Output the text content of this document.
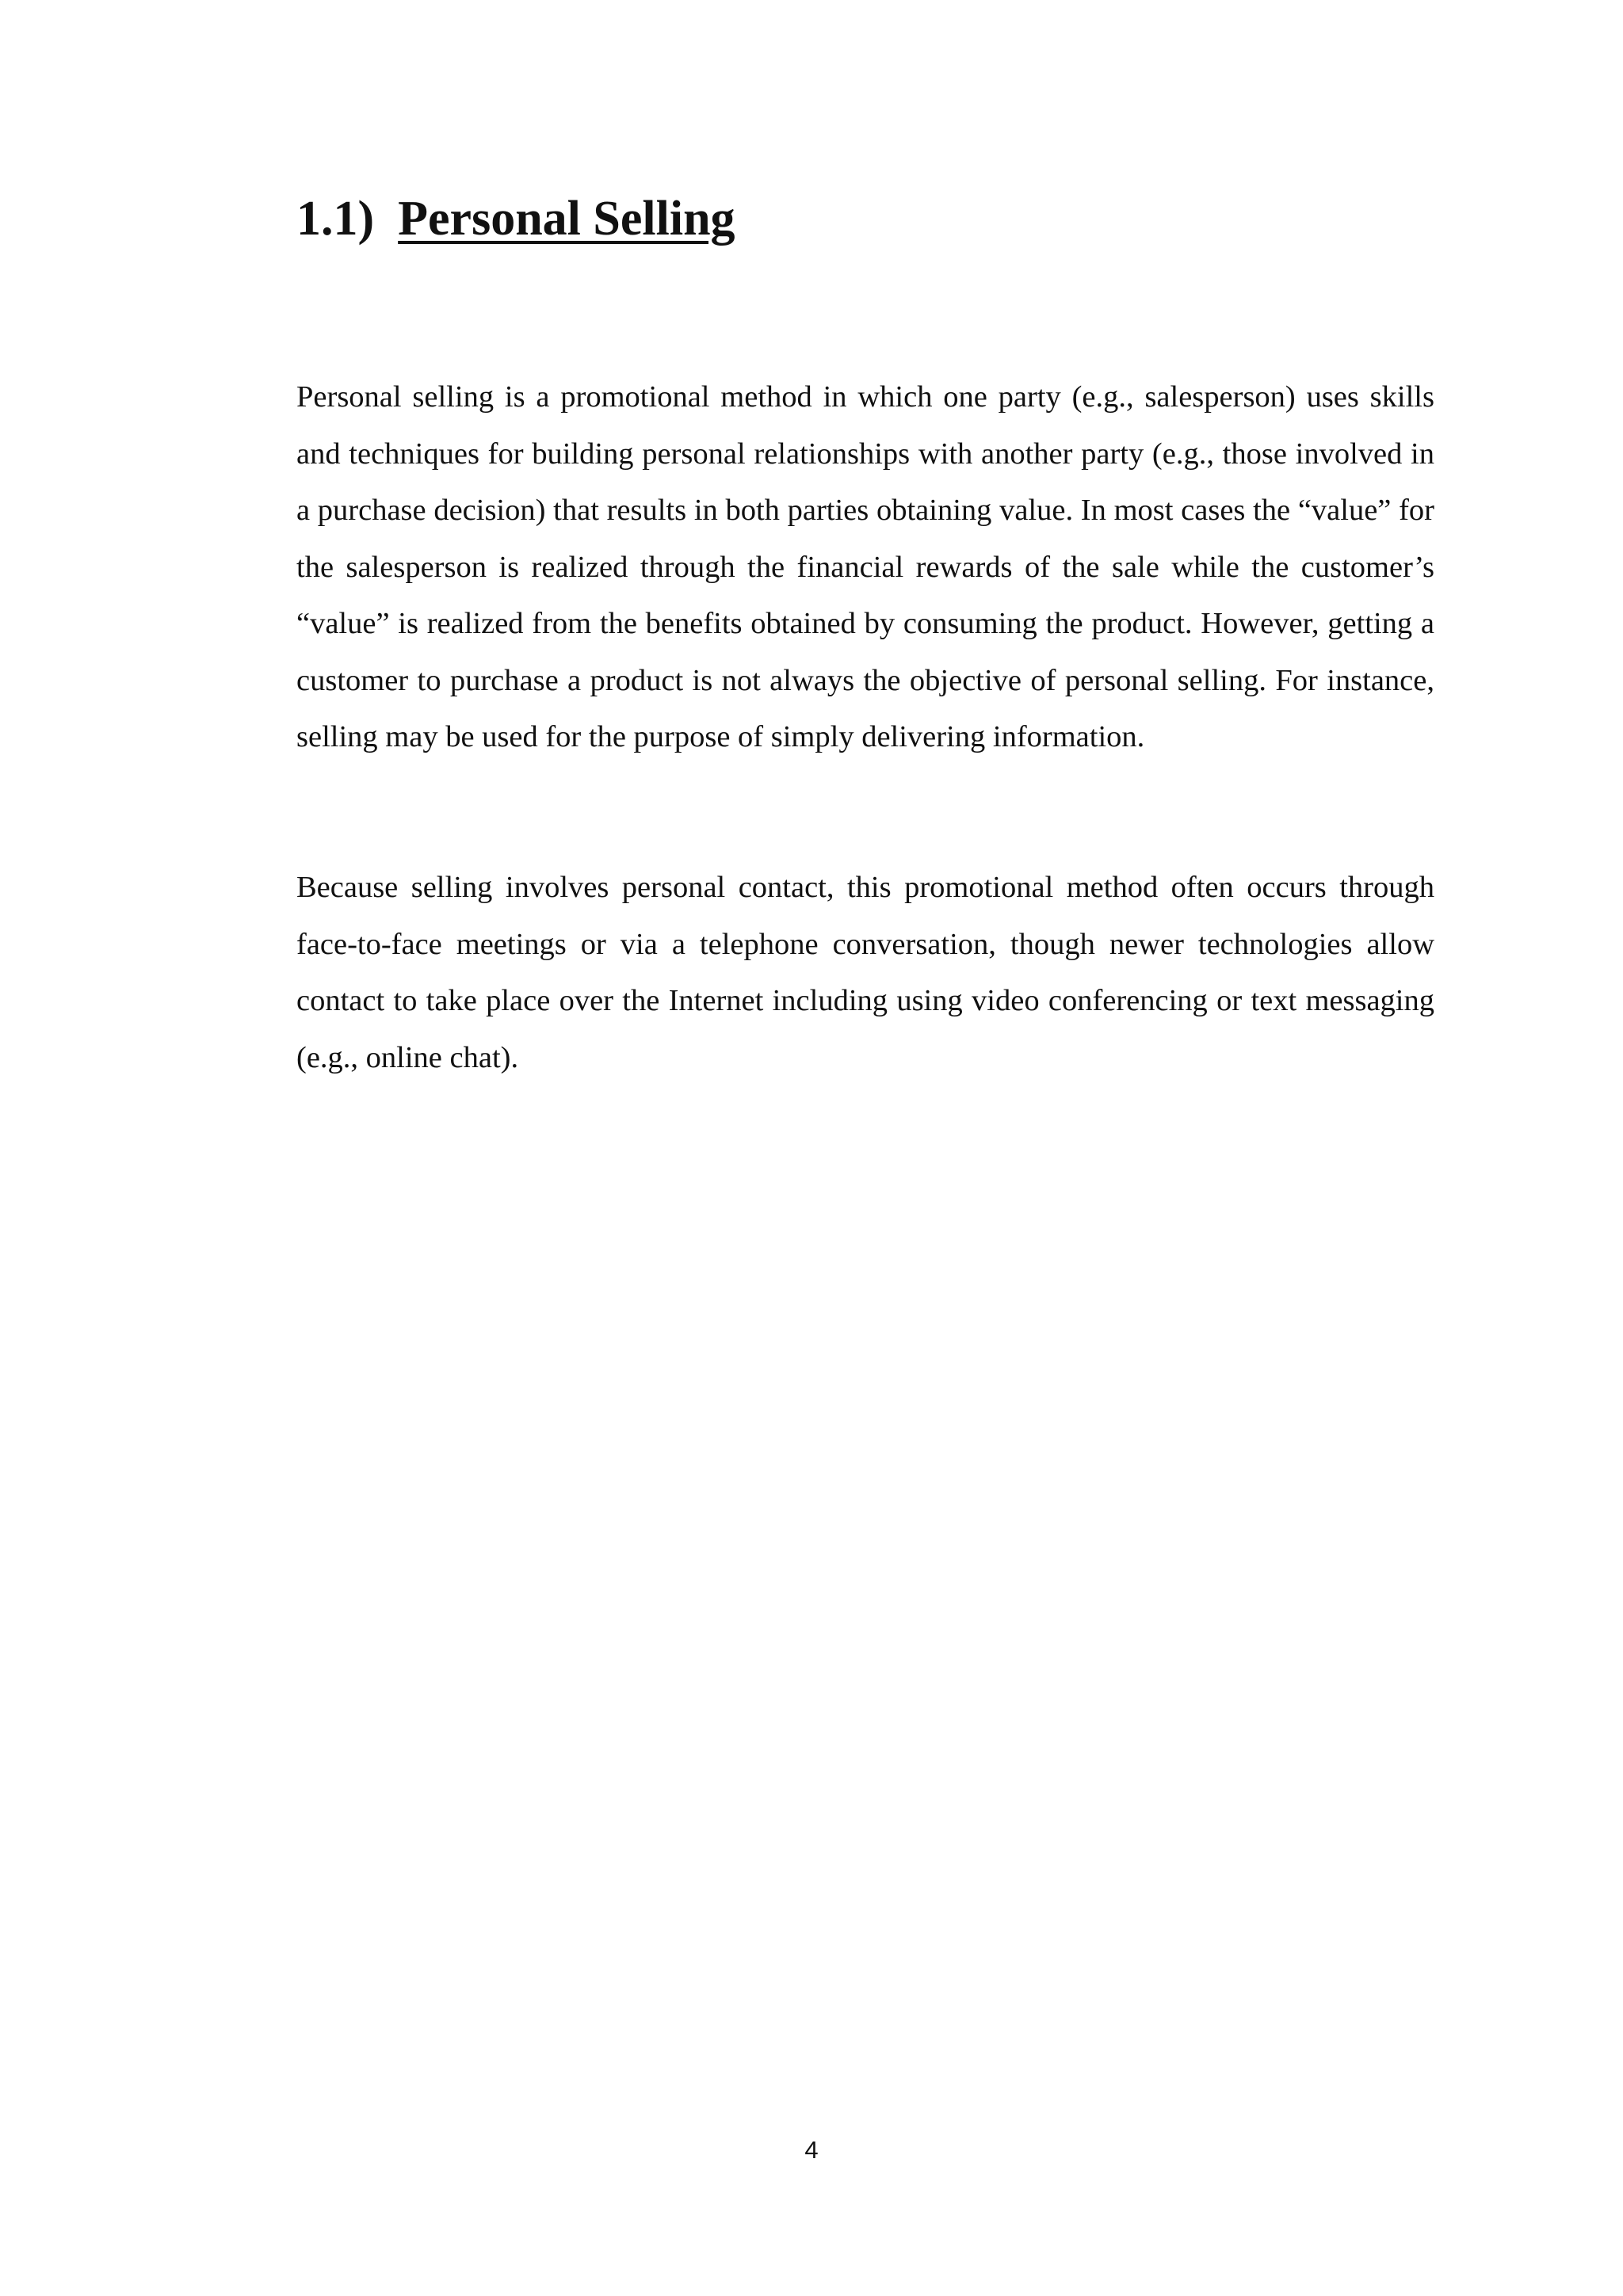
1.1) Personal Selling

Personal selling is a promotional method in which one party (e.g., salesperson) uses skills and techniques for building personal relationships with another party (e.g., those involved in a purchase decision) that results in both parties obtaining value. In most cases the “value” for the salesperson is realized through the financial rewards of the sale while the customer’s “value” is realized from the benefits obtained by consuming the product. However, getting a customer to purchase a product is not always the objective of personal selling. For instance, selling may be used for the purpose of simply delivering information.

Because selling involves personal contact, this promotional method often occurs through face-to-face meetings or via a telephone conversation, though newer technologies allow contact to take place over the Internet including using video conferencing or text messaging (e.g., online chat).

4
